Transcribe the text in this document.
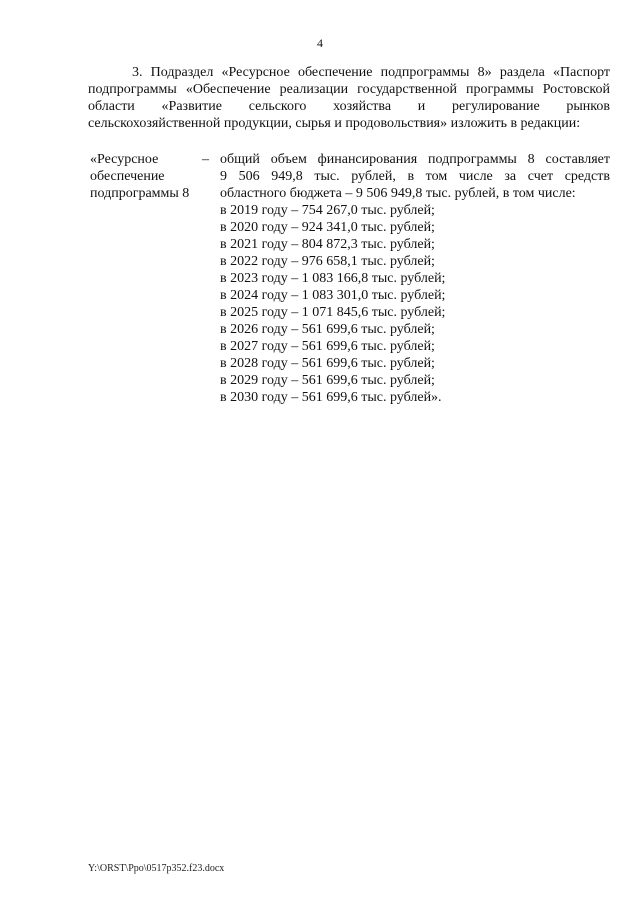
4
3. Подраздел «Ресурсное обеспечение подпрограммы 8» раздела «Паспорт
подпрограммы «Обеспечение реализации государственной программы Ростовской
области «Развитие сельского хозяйства и регулирование рынков
сельскохозяйственной продукции, сырья и продовольствия» изложить в редакции:
«Ресурсное
обеспечение
подпрограммы 8
– общий объем финансирования подпрограммы 8 составляет
9 506 949,8 тыс. рублей, в том числе за счет средств
областного бюджета – 9 506 949,8 тыс. рублей, в том числе:
в 2019 году – 754 267,0 тыс. рублей;
в 2020 году – 924 341,0 тыс. рублей;
в 2021 году – 804 872,3 тыс. рублей;
в 2022 году – 976 658,1 тыс. рублей;
в 2023 году – 1 083 166,8 тыс. рублей;
в 2024 году – 1 083 301,0 тыс. рублей;
в 2025 году – 1 071 845,6 тыс. рублей;
в 2026 году – 561 699,6 тыс. рублей;
в 2027 году – 561 699,6 тыс. рублей;
в 2028 году – 561 699,6 тыс. рублей;
в 2029 году – 561 699,6 тыс. рублей;
в 2030 году – 561 699,6 тыс. рублей».
Y:\ORST\Ppo\0517p352.f23.docx
